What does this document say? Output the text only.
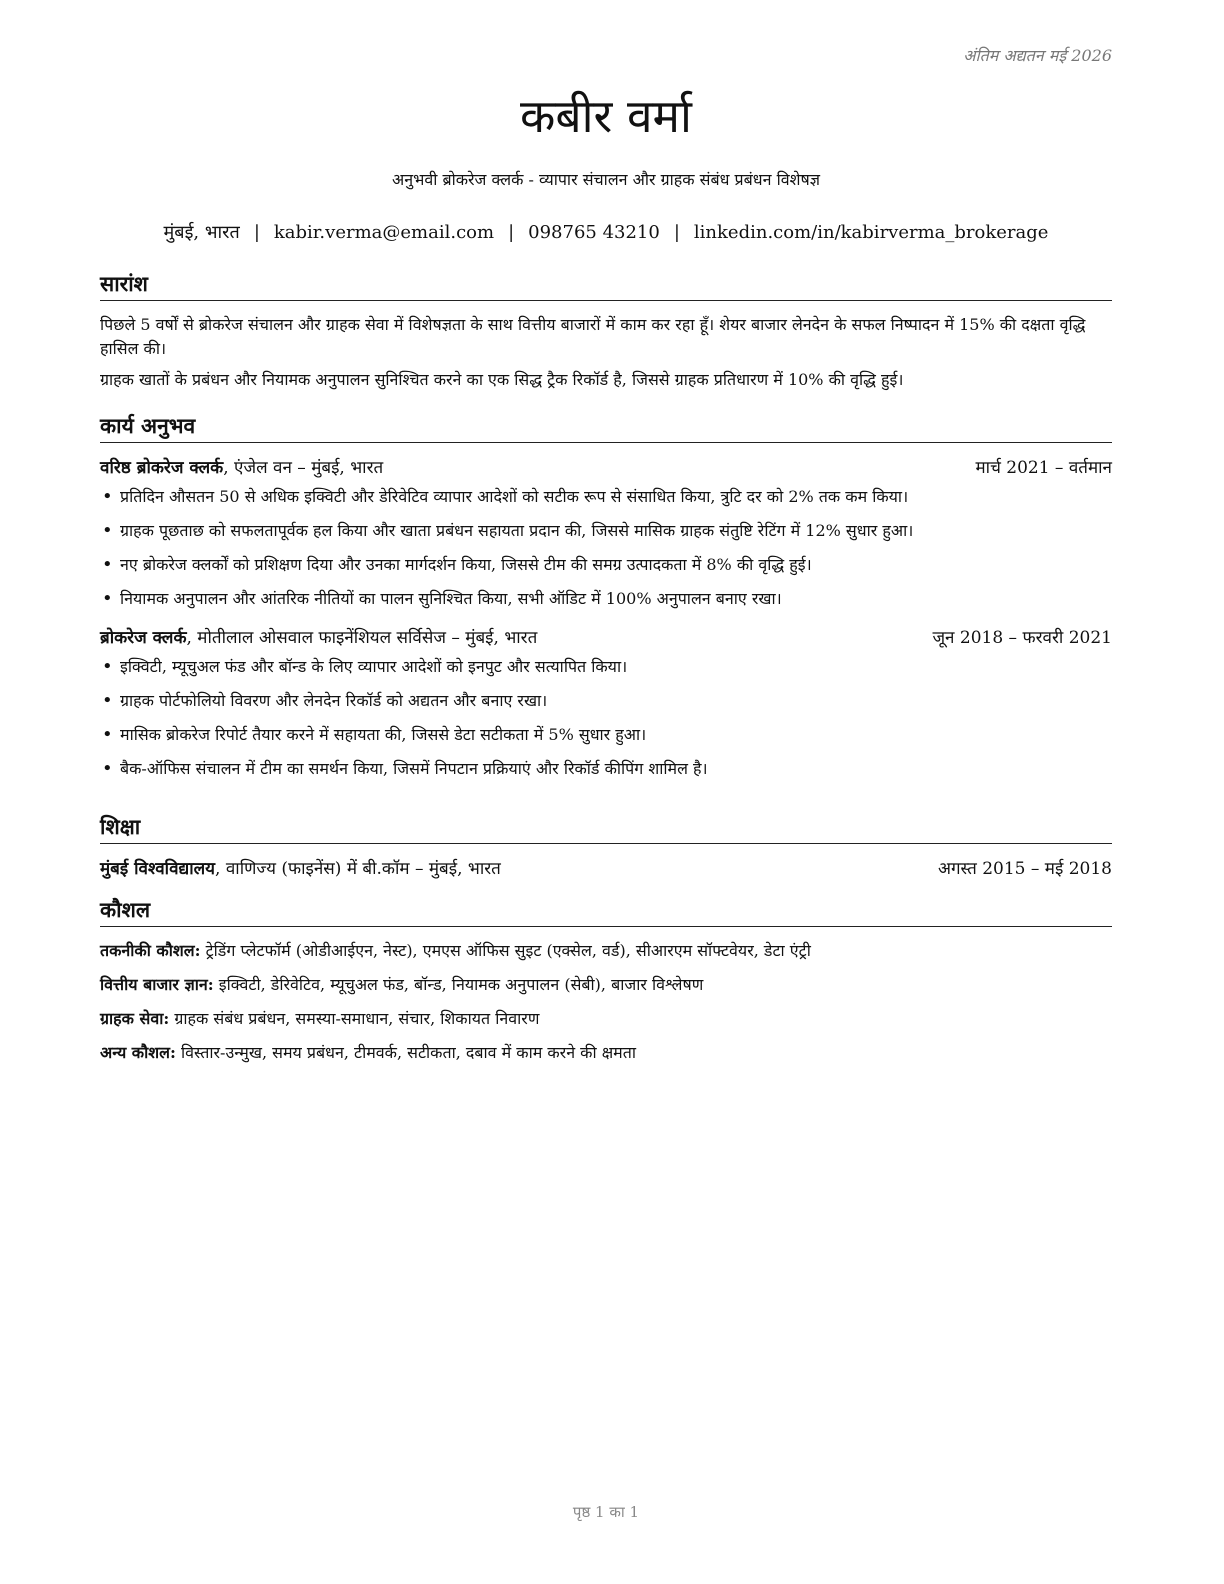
अंतिम अद्यतन मई 2026
कबीर वर्मा
अनुभवी ब्रोकरेज क्लर्क - व्यापार संचालन और ग्राहक संबंध प्रबंधन विशेषज्ञ
मुंबई, भारत | kabir.verma@email.com | 098765 43210 | linkedin.com/in/kabirverma_brokerage
सारांश

पिछले 5 वर्षों से ब्रोकरेज संचालन और ग्राहक सेवा में विशेषज्ञता के साथ वित्तीय बाजारों में काम कर रहा हूँ। शेयर बाजार लेनदेन के सफल निष्पादन में 15% की दक्षता वृद्धि हासिल की।

ग्राहक खातों के प्रबंधन और नियामक अनुपालन सुनिश्चित करने का एक सिद्ध ट्रैक रिकॉर्ड है, जिससे ग्राहक प्रतिधारण में 10% की वृद्धि हुई।

कार्य अनुभव
वरिष्ठ ब्रोकरेज क्लर्क, एंजेल वन – मुंबई, भारत	मार्च 2021 – वर्तमान
• प्रतिदिन औसतन 50 से अधिक इक्विटी और डेरिवेटिव व्यापार आदेशों को सटीक रूप से संसाधित किया, त्रुटि दर को 2% तक कम किया।
• ग्राहक पूछताछ को सफलतापूर्वक हल किया और खाता प्रबंधन सहायता प्रदान की, जिससे मासिक ग्राहक संतुष्टि रेटिंग में 12% सुधार हुआ।
• नए ब्रोकरेज क्लर्कों को प्रशिक्षण दिया और उनका मार्गदर्शन किया, जिससे टीम की समग्र उत्पादकता में 8% की वृद्धि हुई।
• नियामक अनुपालन और आंतरिक नीतियों का पालन सुनिश्चित किया, सभी ऑडिट में 100% अनुपालन बनाए रखा।
ब्रोकरेज क्लर्क, मोतीलाल ओसवाल फाइनेंशियल सर्विसेज – मुंबई, भारत	जून 2018 – फरवरी 2021
• इक्विटी, म्यूचुअल फंड और बॉन्ड के लिए व्यापार आदेशों को इनपुट और सत्यापित किया।
• ग्राहक पोर्टफोलियो विवरण और लेनदेन रिकॉर्ड को अद्यतन और बनाए रखा।
• मासिक ब्रोकरेज रिपोर्ट तैयार करने में सहायता की, जिससे डेटा सटीकता में 5% सुधार हुआ।
• बैक-ऑफिस संचालन में टीम का समर्थन किया, जिसमें निपटान प्रक्रियाएं और रिकॉर्ड कीपिंग शामिल है।
शिक्षा
मुंबई विश्वविद्यालय, वाणिज्य (फाइनेंस) में बी.कॉम – मुंबई, भारत	अगस्त 2015 – मई 2018
कौशल
तकनीकी कौशल: ट्रेडिंग प्लेटफॉर्म (ओडीआईएन, नेस्ट), एमएस ऑफिस सुइट (एक्सेल, वर्ड), सीआरएम सॉफ्टवेयर, डेटा एंट्री
वित्तीय बाजार ज्ञान: इक्विटी, डेरिवेटिव, म्यूचुअल फंड, बॉन्ड, नियामक अनुपालन (सेबी), बाजार विश्लेषण
ग्राहक सेवा: ग्राहक संबंध प्रबंधन, समस्या-समाधान, संचार, शिकायत निवारण
अन्य कौशल: विस्तार-उन्मुख, समय प्रबंधन, टीमवर्क, सटीकता, दबाव में काम करने की क्षमता
पृष्ठ 1 का 1
